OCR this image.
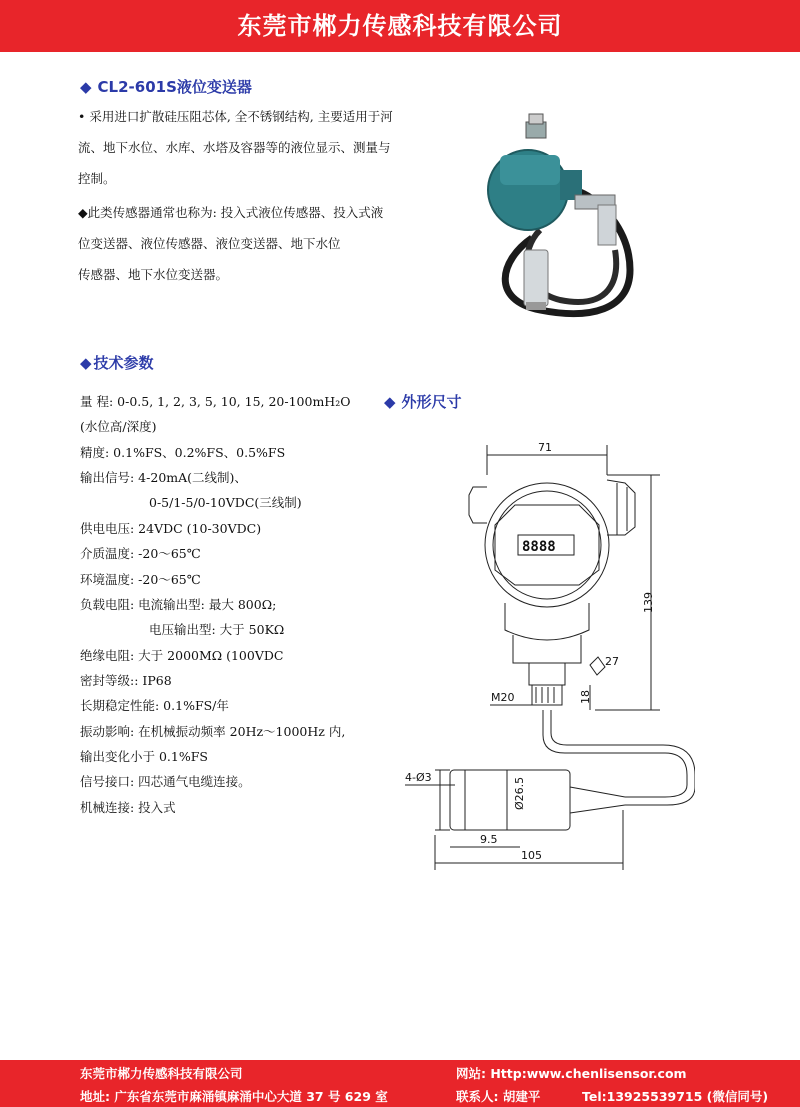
东莞市郴力传感科技有限公司
◆ CL2-601S液位变送器
• 采用进口扩散硅压阻芯体, 全不锈钢结构, 主要适用于河
流、地下水位、水库、水塔及容器等的液位显示、测量与
控制。
◆此类传感器通常也称为: 投入式液位传感器、投入式液
位变送器、液位传感器、液位变送器、地下水位
传感器、地下水位变送器。
◆ 技术参数
量 程: 0-0.5, 1, 2, 3, 5, 10, 15, 20-100mH₂O
(水位高/深度)
精度: 0.1%FS、0.2%FS、0.5%FS
输出信号: 4-20mA(二线制)、
0-5/1-5/0-10VDC(三线制)
供电电压: 24VDC (10-30VDC)
介质温度: -20～65℃
环境温度: -20～65℃
负载电阻: 电流输出型: 最大 800Ω;
电压输出型: 大于 50KΩ
绝缘电阻: 大于 2000MΩ (100VDC
密封等级:: IP68
长期稳定性能: 0.1%FS/年
振动影响: 在机械振动频率 20Hz～1000Hz 内,
输出变化小于 0.1%FS
信号接口: 四芯通气电缆连接。
机械连接: 投入式
◆ 外形尺寸
71
8888
139
M20	18
27
4-Ø3	Ø26.5
9.5
105
东莞市郴力传感科技有限公司	网站: Http:www.chenlisensor.com
地址: 广东省东莞市麻涌镇麻涌中心大道 37 号 629 室	联系人: 胡建平	Tel:13925539715 (微信同号)
